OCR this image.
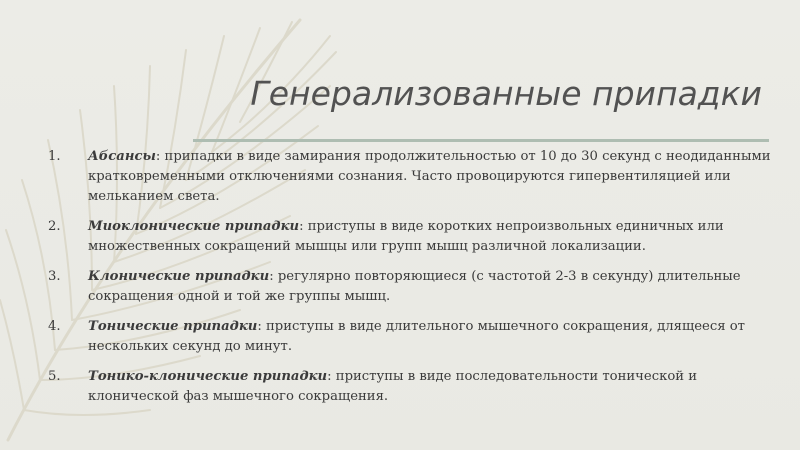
Генерализованные припадки
1. Абсансы: припадки в виде замирания продолжительностью от 10 до 30 секунд с неодиданными кратковременными отключениями сознания. Часто провоцируются гипервентиляцией или мельканием света.
2. Миоклонические припадки: приступы в виде коротких непроизвольных единичных или множественных сокращений мышцы или групп мышц различной локализации.
3. Клонические припадки: регулярно повторяющиеся (с частотой 2-3 в секунду) длительные сокращения одной и той же группы мышц.
4. Тонические припадки: приступы в виде длительного мышечного сокращения, длящееся от нескольких секунд до минут.
5. Тонико-клонические припадки: приступы в виде последовательности тонической и клонической фаз мышечного сокращения.
